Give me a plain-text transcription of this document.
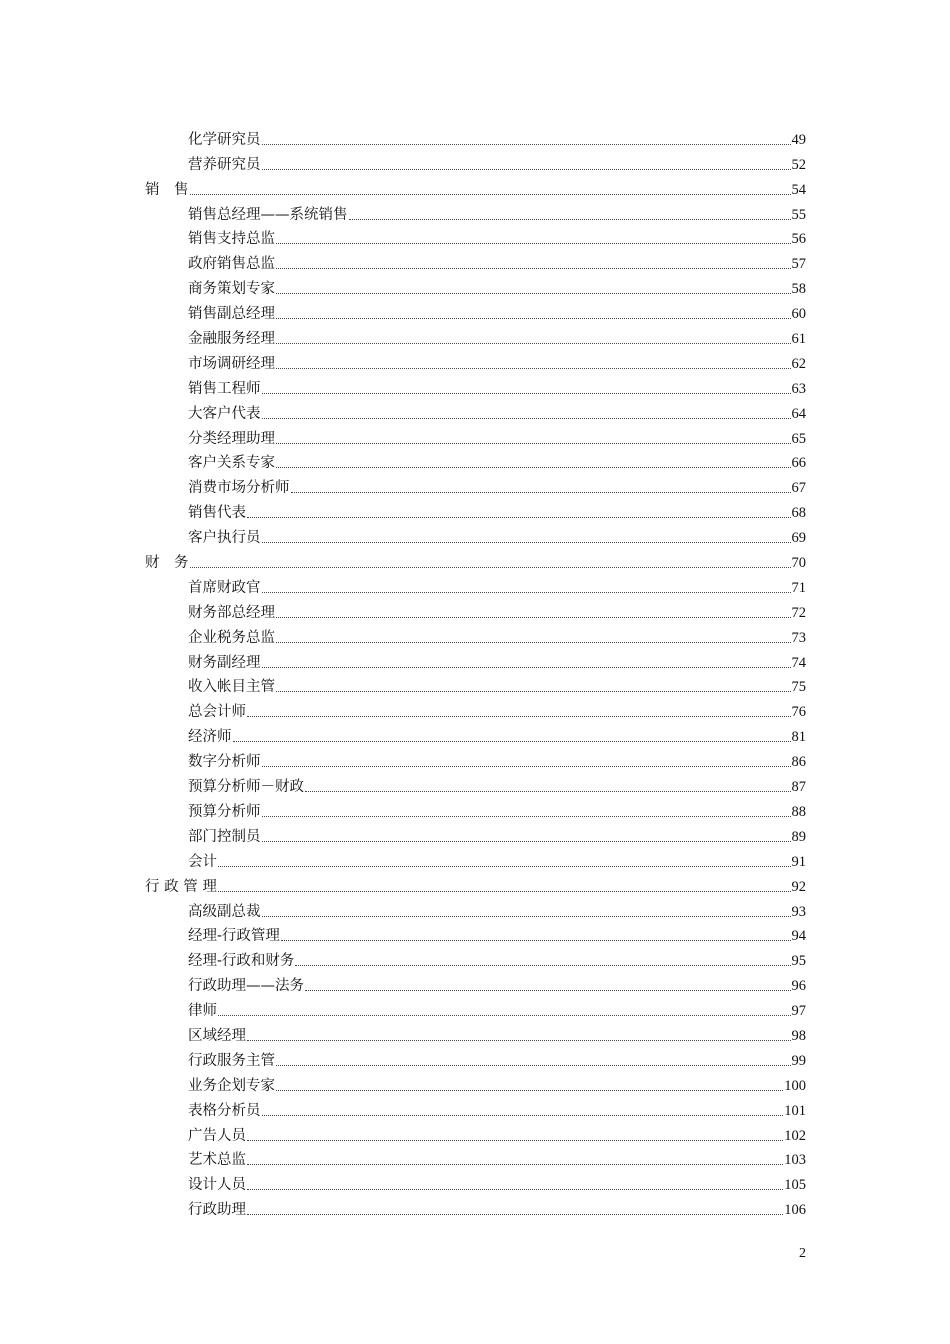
化学研究员	49
营养研究员	52
销　售	54
销售总经理——系统销售	55
销售支持总监	56
政府销售总监	57
商务策划专家	58
销售副总经理	60
金融服务经理	61
市场调研经理	62
销售工程师	63
大客户代表	64
分类经理助理	65
客户关系专家	66
消费市场分析师	67
销售代表	68
客户执行员	69
财　务	70
首席财政官	71
财务部总经理	72
企业税务总监	73
财务副经理	74
收入帐目主管	75
总会计师	76
经济师	81
数字分析师	86
预算分析师－财政	87
预算分析师	88
部门控制员	89
会计	91
行 政 管 理	92
高级副总裁	93
经理-行政管理	94
经理-行政和财务	95
行政助理——法务	96
律师	97
区域经理	98
行政服务主管	99
业务企划专家	100
表格分析员	101
广告人员	102
艺术总监	103
设计人员	105
行政助理	106
2
